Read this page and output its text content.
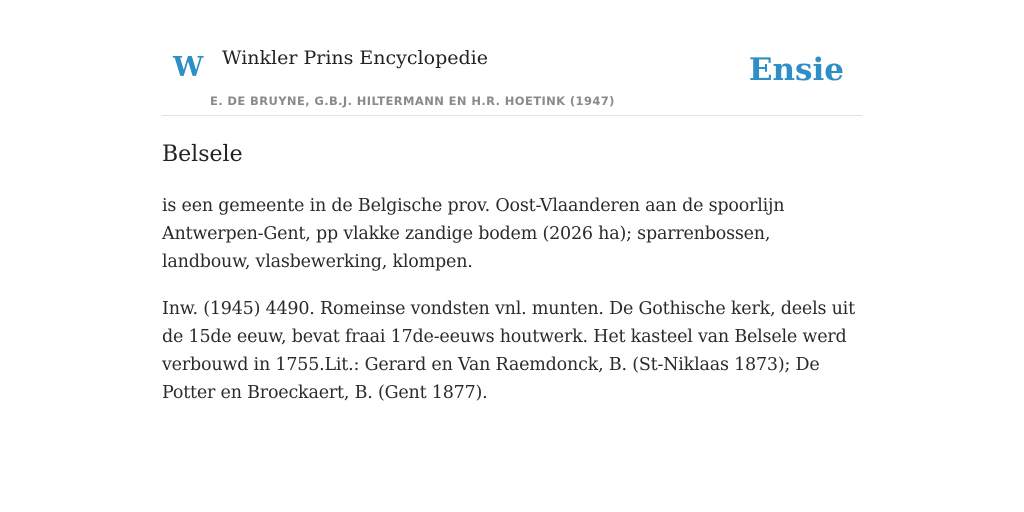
W Winkler Prins Encyclopedie
E. DE BRUYNE, G.B.J. HILTERMANN EN H.R. HOETINK (1947)
Ensie
Belsele

is een gemeente in de Belgische prov. Oost-Vlaanderen aan de spoorlijn Antwerpen-Gent, pp vlakke zandige bodem (2026 ha); sparrenbossen, landbouw, vlasbewerking, klompen.

Inw. (1945) 4490. Romeinse vondsten vnl. munten. De Gothische kerk, deels uit de 15de eeuw, bevat fraai 17de-eeuws houtwerk. Het kasteel van Belsele werd verbouwd in 1755.Lit.: Gerard en Van Raemdonck, B. (St-Niklaas 1873); De Potter en Broeckaert, B. (Gent 1877).
